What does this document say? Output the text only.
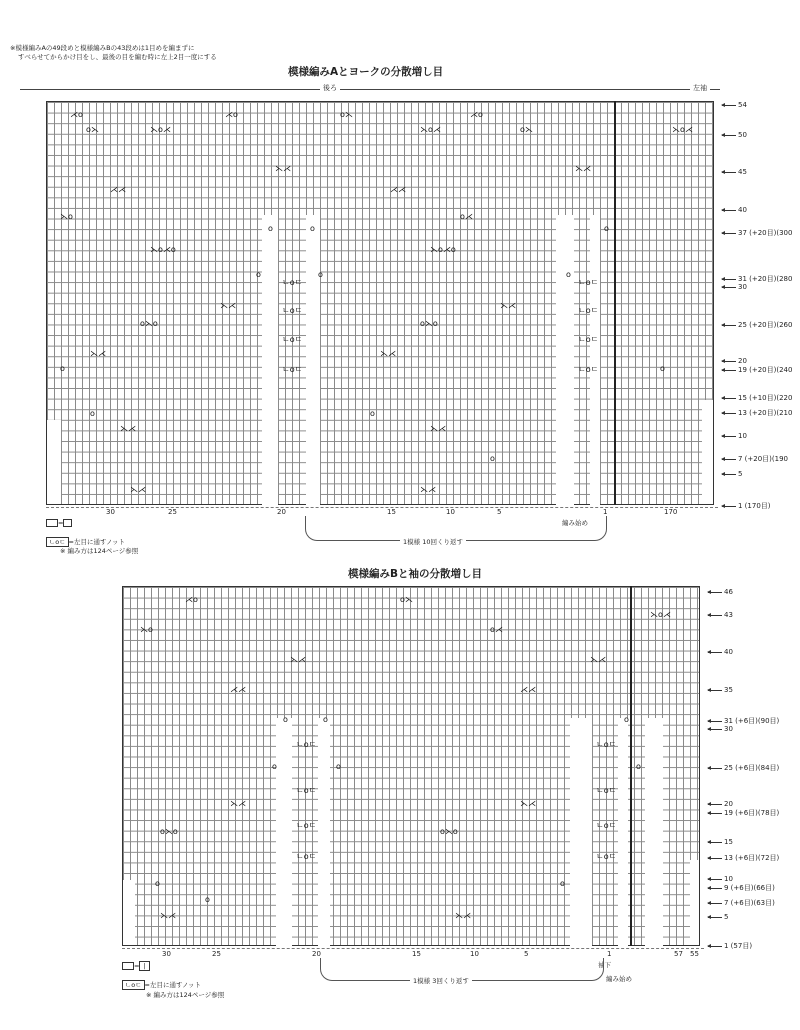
※模様編みAの49段めと模様編みBの43段めは1目めを編まずに
すべらせてからかけ目をし、最後の目を編む時に左上2目一度にする
模様編みAとヨークの分散増し目
後ろ	左袖
⋌o
o⋋	⋋o⋌
⋌o	o⋋
⋋o⋌
⋌o
o⋋	⋋o⋌
⋋⋌	⋋⋌
⋌⋌	⋌⋌
⋋o	o⋌
o	o	o
⋋o⋌o	⋋o⋌o
o	o	o
ㄴoㄷ	ㄴoㄷ
⋋⋌	⋋⋌
ㄴoㄷ	ㄴoㄷ
o⋋o	o⋋o
ㄴoㄷ	ㄴoㄷ
⋋⋌	⋋⋌
o	o
ㄴoㄷ	ㄴoㄷ
o	o
⋋⋌	⋋⋌
o
⋋⋌	⋋⋌
54
50
45
40
37 (+20目)(300
31 (+20目)(280
30
25 (+20目)(260
20
19 (+20目)(240
15 (+10目)(220
13 (+20目)(210
10
7 (+20目)(190
5
1 (170目)
30	25	20	15	10	5	1	170
1模様 10回くり返す
編み始め
=
ㄴoㄷ =左目に通すノット
※ 編み方は124ページ参照
模様編みBと袖の分散増し目
⋌o	o⋋
⋋o⋌
⋋o	o⋌
⋋⋌	⋋⋌
⋌⋌	⋌⋌
o	o	o
ㄴoㄷ	ㄴoㄷ
o	o	o
ㄴoㄷ	ㄴoㄷ
⋋⋌	⋋⋌
ㄴoㄷ	ㄴoㄷ
o⋋o	o⋋o
ㄴoㄷ	ㄴoㄷ
o
o
o
⋋⋌	⋋⋌
46
43
40
35
31 (+6目)(90目)
30
25 (+6目)(84目)
20
19 (+6目)(78目)
15
13 (+6目)(72目)
10
9 (+6目)(66目)
7 (+6目)(63目)
5
1 (57目)
30	25	20	15	10	5	1	57 55
袖下
1模様 3回くり返す	編み始め
= |
ㄴoㄷ =左目に通すノット
※ 編み方は124ページ参照
